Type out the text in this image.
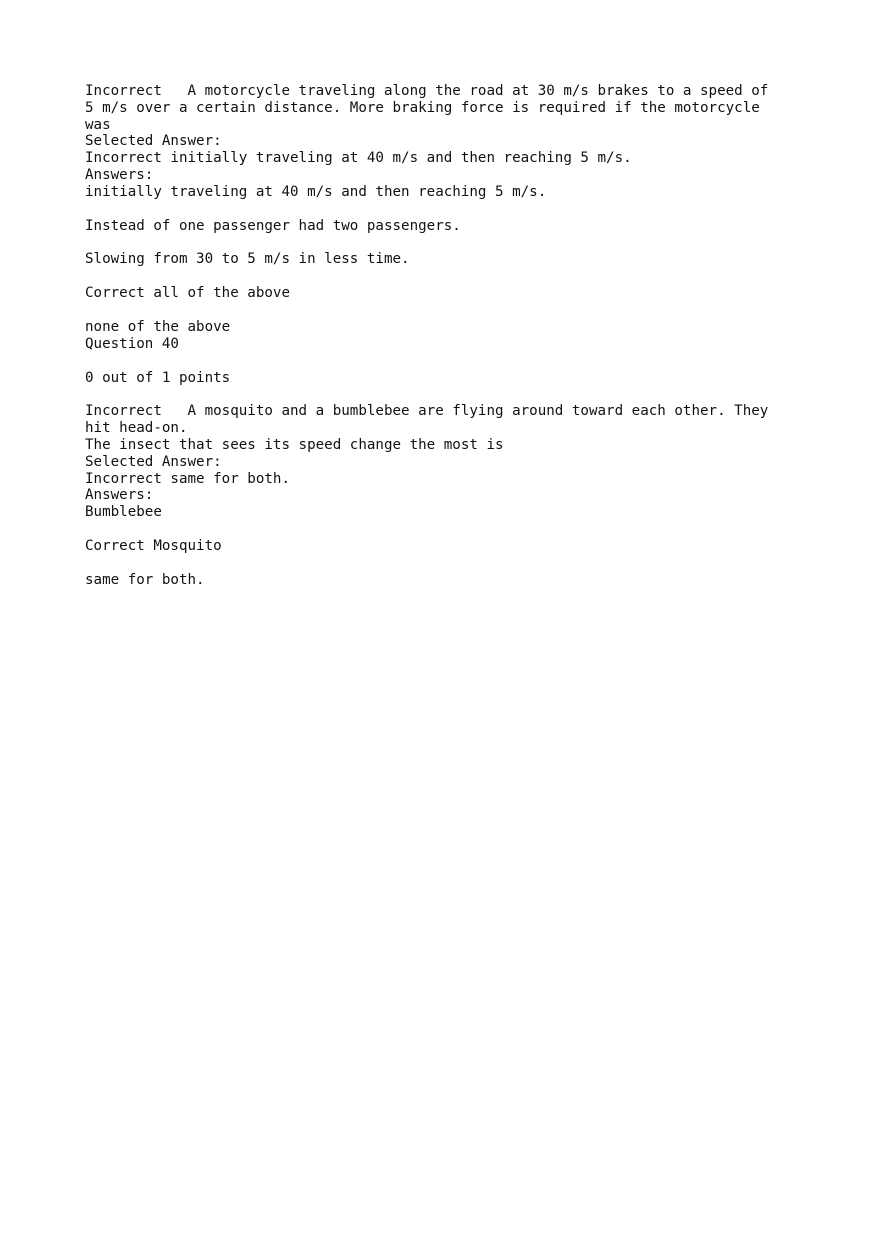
Incorrect   A motorcycle traveling along the road at 30 m/s brakes to a speed of
5 m/s over a certain distance. More braking force is required if the motorcycle
was
Selected Answer:
Incorrect initially traveling at 40 m/s and then reaching 5 m/s.
Answers:
initially traveling at 40 m/s and then reaching 5 m/s.
Instead of one passenger had two passengers.
Slowing from 30 to 5 m/s in less time.
Correct all of the above
none of the above
Question 40
0 out of 1 points
Incorrect   A mosquito and a bumblebee are flying around toward each other. They
hit head-on.
The insect that sees its speed change the most is
Selected Answer:
Incorrect same for both.
Answers:
Bumblebee
Correct Mosquito
same for both.
